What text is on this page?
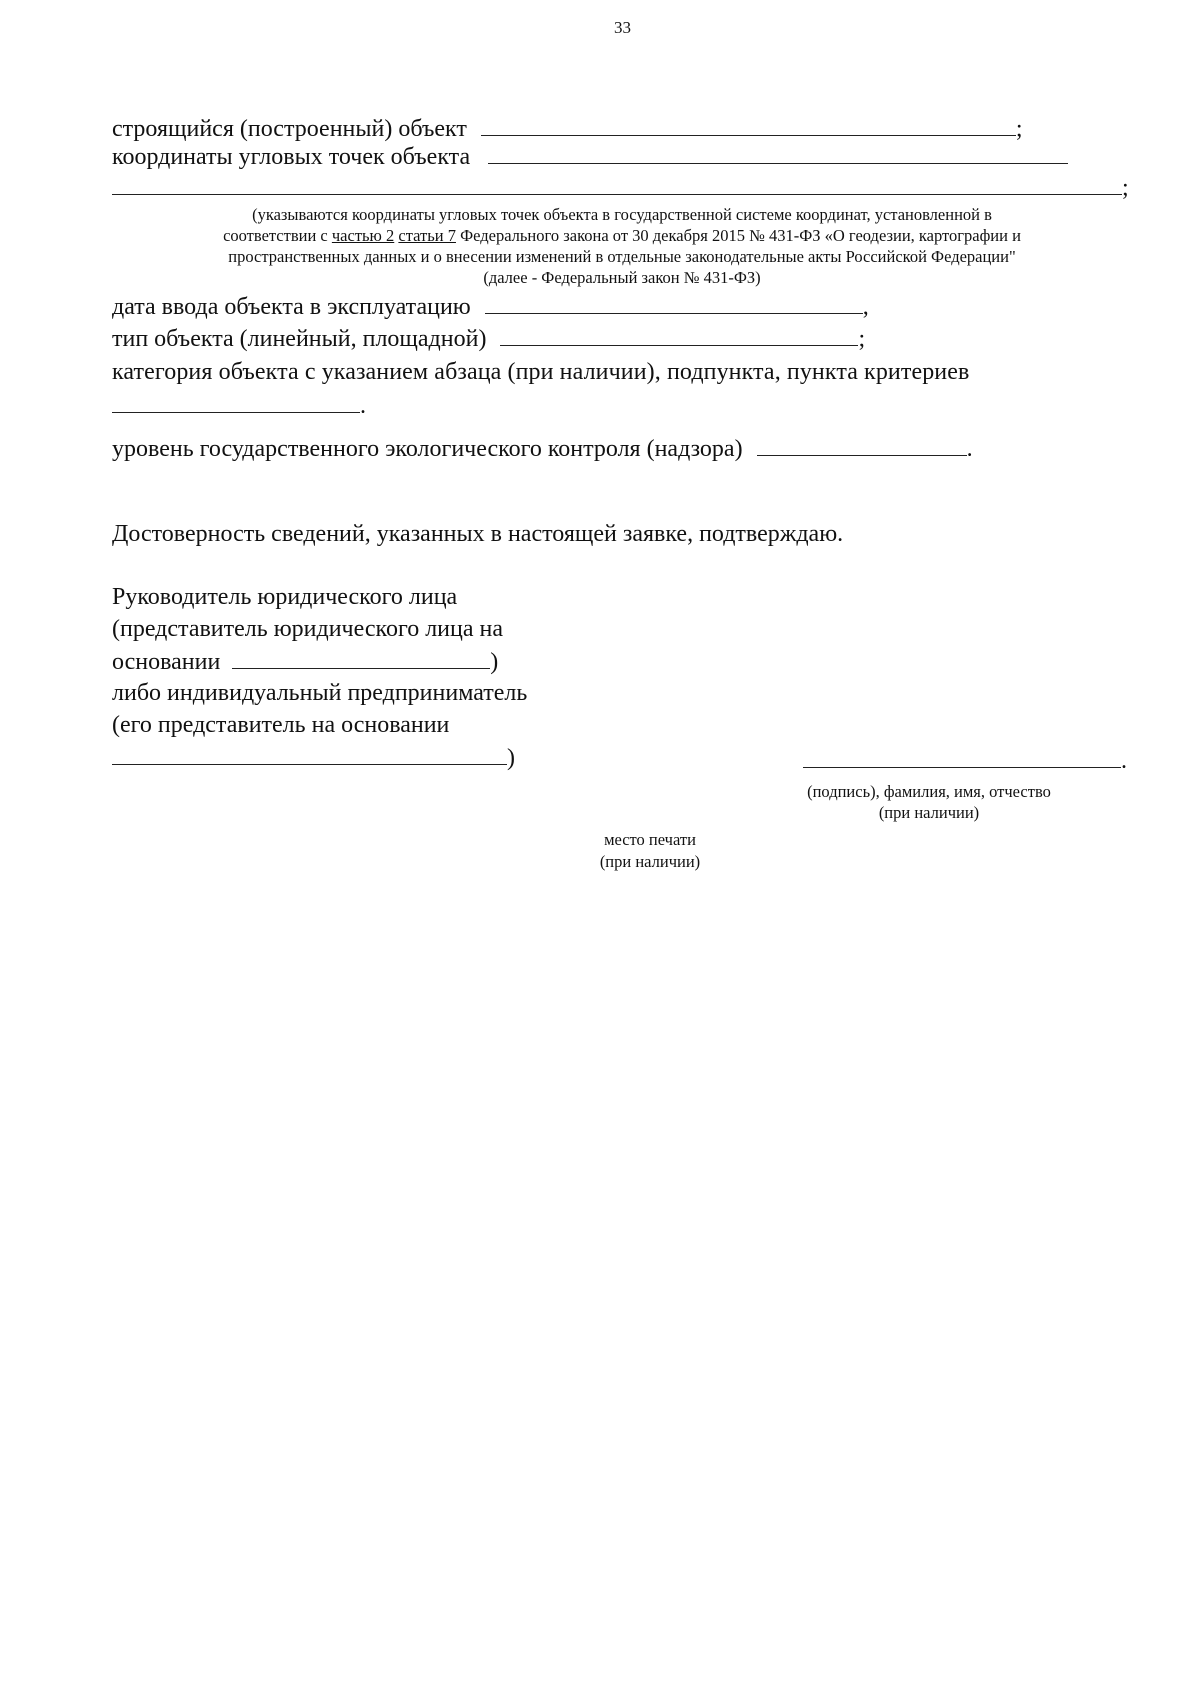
33
строящийся (построенный) объект	;
координаты угловых точек объекта
;
(указываются координаты угловых точек объекта в государственной системе координат, установленной в
соответствии с частью 2 статьи 7 Федерального закона от 30 декабря 2015 № 431-ФЗ «О геодезии, картографии и
пространственных данных и о внесении изменений в отдельные законодательные акты Российской Федерации"
(далее - Федеральный закон № 431-ФЗ)
дата ввода объекта в эксплуатацию	,
тип объекта (линейный, площадной)	;
категория объекта с указанием абзаца (при наличии), подпункта, пункта критериев
.
уровень государственного экологического контроля (надзора)	.
Достоверность сведений, указанных в настоящей заявке, подтверждаю.
Руководитель юридического лица
(представитель юридического лица на
основании	)
либо индивидуальный предприниматель
(его представитель на основании
)	.
(подпись), фамилия, имя, отчество
(при наличии)
место печати
(при наличии)
